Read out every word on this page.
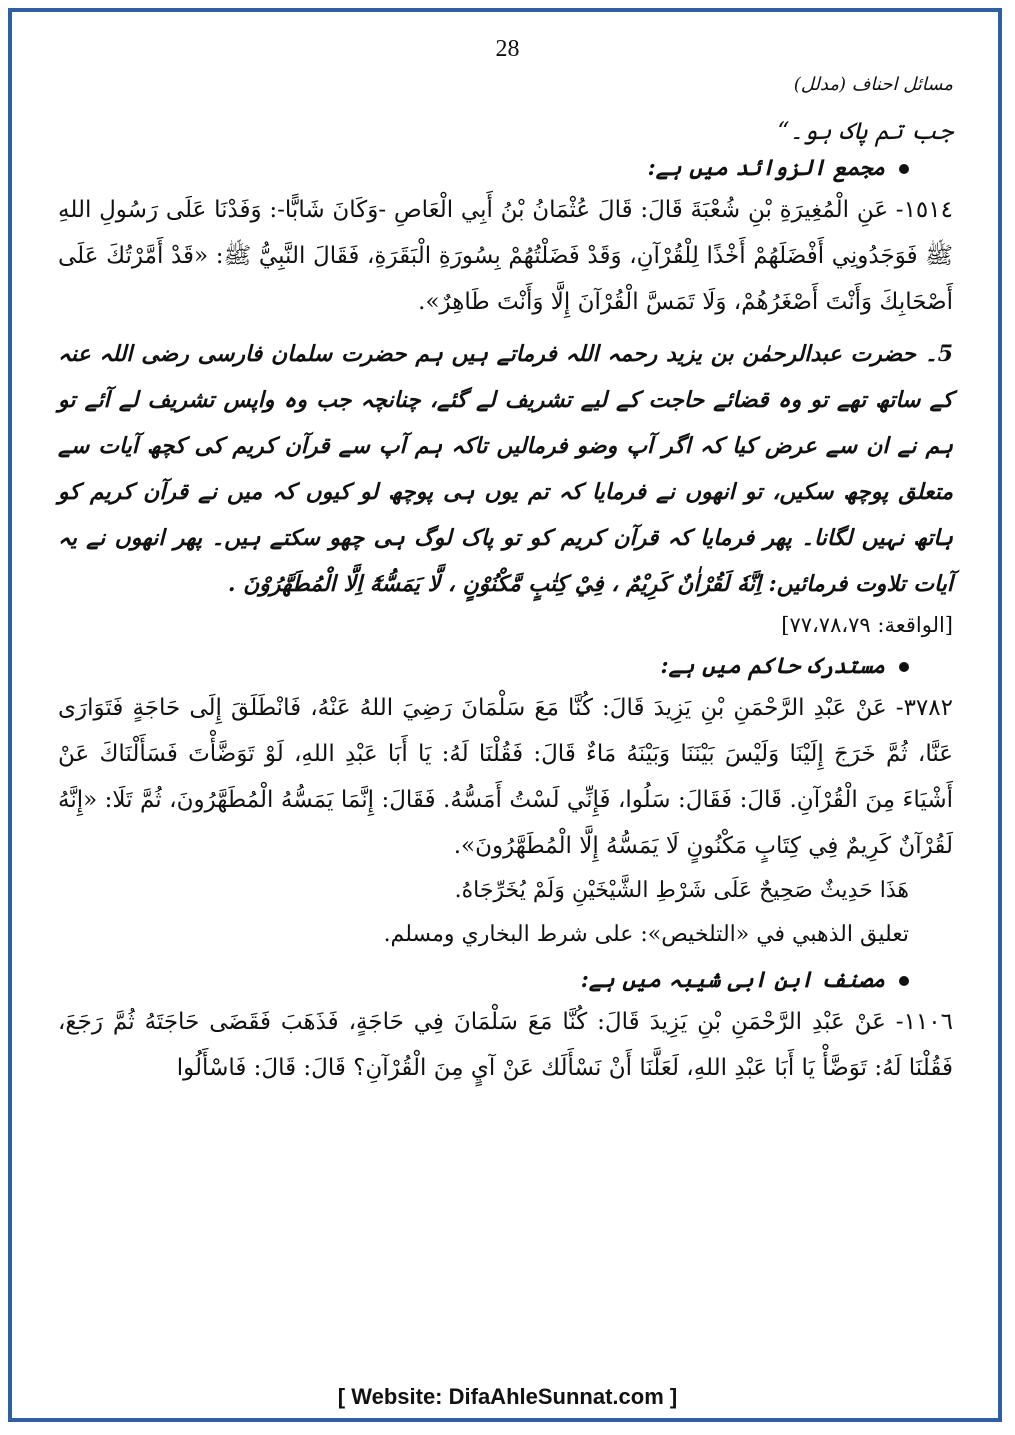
28

مسائل احناف (مدلل)

جب تم پاک ہو۔“

مجمع الزوائد میں ہے:

١٥١٤- عَنِ الْمُغِيرَةِ بْنِ شُعْبَةَ قَالَ: قَالَ عُثْمَانُ بْنُ أَبِي الْعَاصِ -وَكَانَ شَابًّا-: وَفَدْنَا عَلَى رَسُولِ اللهِ ﷺ فَوَجَدُونِي أَفْضَلَهُمْ أَخْذًا لِلْقُرْآنِ، وَقَدْ فَضَلْتُهُمْ بِسُورَةِ الْبَقَرَةِ، فَقَالَ النَّبِيُّ ﷺ: «قَدْ أَمَّرْتُكَ عَلَى أَصْحَابِكَ وَأَنْتَ أَصْغَرُهُمْ، وَلَا تَمَسَّ الْقُرْآنَ إِلَّا وَأَنْتَ طَاهِرٌ».

5۔ حضرت عبدالرحمٰن بن یزید رحمہ اللہ فرماتے ہیں ہم حضرت سلمان فارسی رضی اللہ عنہ کے ساتھ تھے تو وہ قضائے حاجت کے لیے تشریف لے گئے، چنانچہ جب وہ واپس تشریف لے آئے تو ہم نے ان سے عرض کیا کہ اگر آپ وضو فرمالیں تاکہ ہم آپ سے قرآن کریم کی کچھ آیات سے متعلق پوچھ سکیں، تو انھوں نے فرمایا کہ تم یوں ہی پوچھ لو کیوں کہ میں نے قرآن کریم کو ہاتھ نہیں لگانا۔ پھر فرمایا کہ قرآن کریم کو تو پاک لوگ ہی چھو سکتے ہیں۔ پھر انھوں نے یہ آیات تلاوت فرمائیں: اِنَّهٗ لَقُرْاٰنٌ كَرِيْمٌ ، فِيْ كِتٰبٍ مَّكْنُوْنٍ ، لَّا يَمَسُّهٗٓ اِلَّا الْمُطَهَّرُوْنَ .

[الواقعة: ٧٧،٧٨،٧٩]

مستدرک حاکم میں ہے:

٣٧٨٢- عَنْ عَبْدِ الرَّحْمَنِ بْنِ يَزِيدَ قَالَ: كُنَّا مَعَ سَلْمَانَ رَضِيَ اللهُ عَنْهُ، فَانْطَلَقَ إِلَى حَاجَةٍ فَتَوَارَى عَنَّا، ثُمَّ خَرَجَ إِلَيْنَا وَلَيْسَ بَيْنَنَا وَبَيْنَهُ مَاءٌ قَالَ: فَقُلْنَا لَهُ: يَا أَبَا عَبْدِ اللهِ، لَوْ تَوَضَّأْتَ فَسَأَلْنَاكَ عَنْ أَشْيَاءَ مِنَ الْقُرْآنِ. قَالَ: فَقَالَ: سَلُوا، فَإِنِّي لَسْتُ أَمَسُّهُ. فَقَالَ: إِنَّمَا يَمَسُّهُ الْمُطَهَّرُونَ، ثُمَّ تَلَا: «إِنَّهُ لَقُرْآنٌ كَرِيمٌ فِي كِتَابٍ مَكْنُونٍ لَا يَمَسُّهُ إِلَّا الْمُطَهَّرُونَ».

هَذَا حَدِيثٌ صَحِيحٌ عَلَى شَرْطِ الشَّيْخَيْنِ وَلَمْ يُخَرِّجَاهُ.

تعليق الذهبي في «التلخيص»: على شرط البخاري ومسلم.

مصنف ابن ابی شیبہ میں ہے:

١١٠٦- عَنْ عَبْدِ الرَّحْمَنِ بْنِ يَزِيدَ قَالَ: كُنَّا مَعَ سَلْمَانَ فِي حَاجَةٍ، فَذَهَبَ فَقَضَى حَاجَتَهُ ثُمَّ رَجَعَ، فَقُلْنَا لَهُ: تَوَضَّأْ يَا أَبَا عَبْدِ اللهِ، لَعَلَّنَا أَنْ نَسْأَلَك عَنْ آيٍ مِنَ الْقُرْآنِ؟ قَالَ: قَالَ: فَاسْأَلُوا

[ Website: DifaAhleSunnat.com ]
